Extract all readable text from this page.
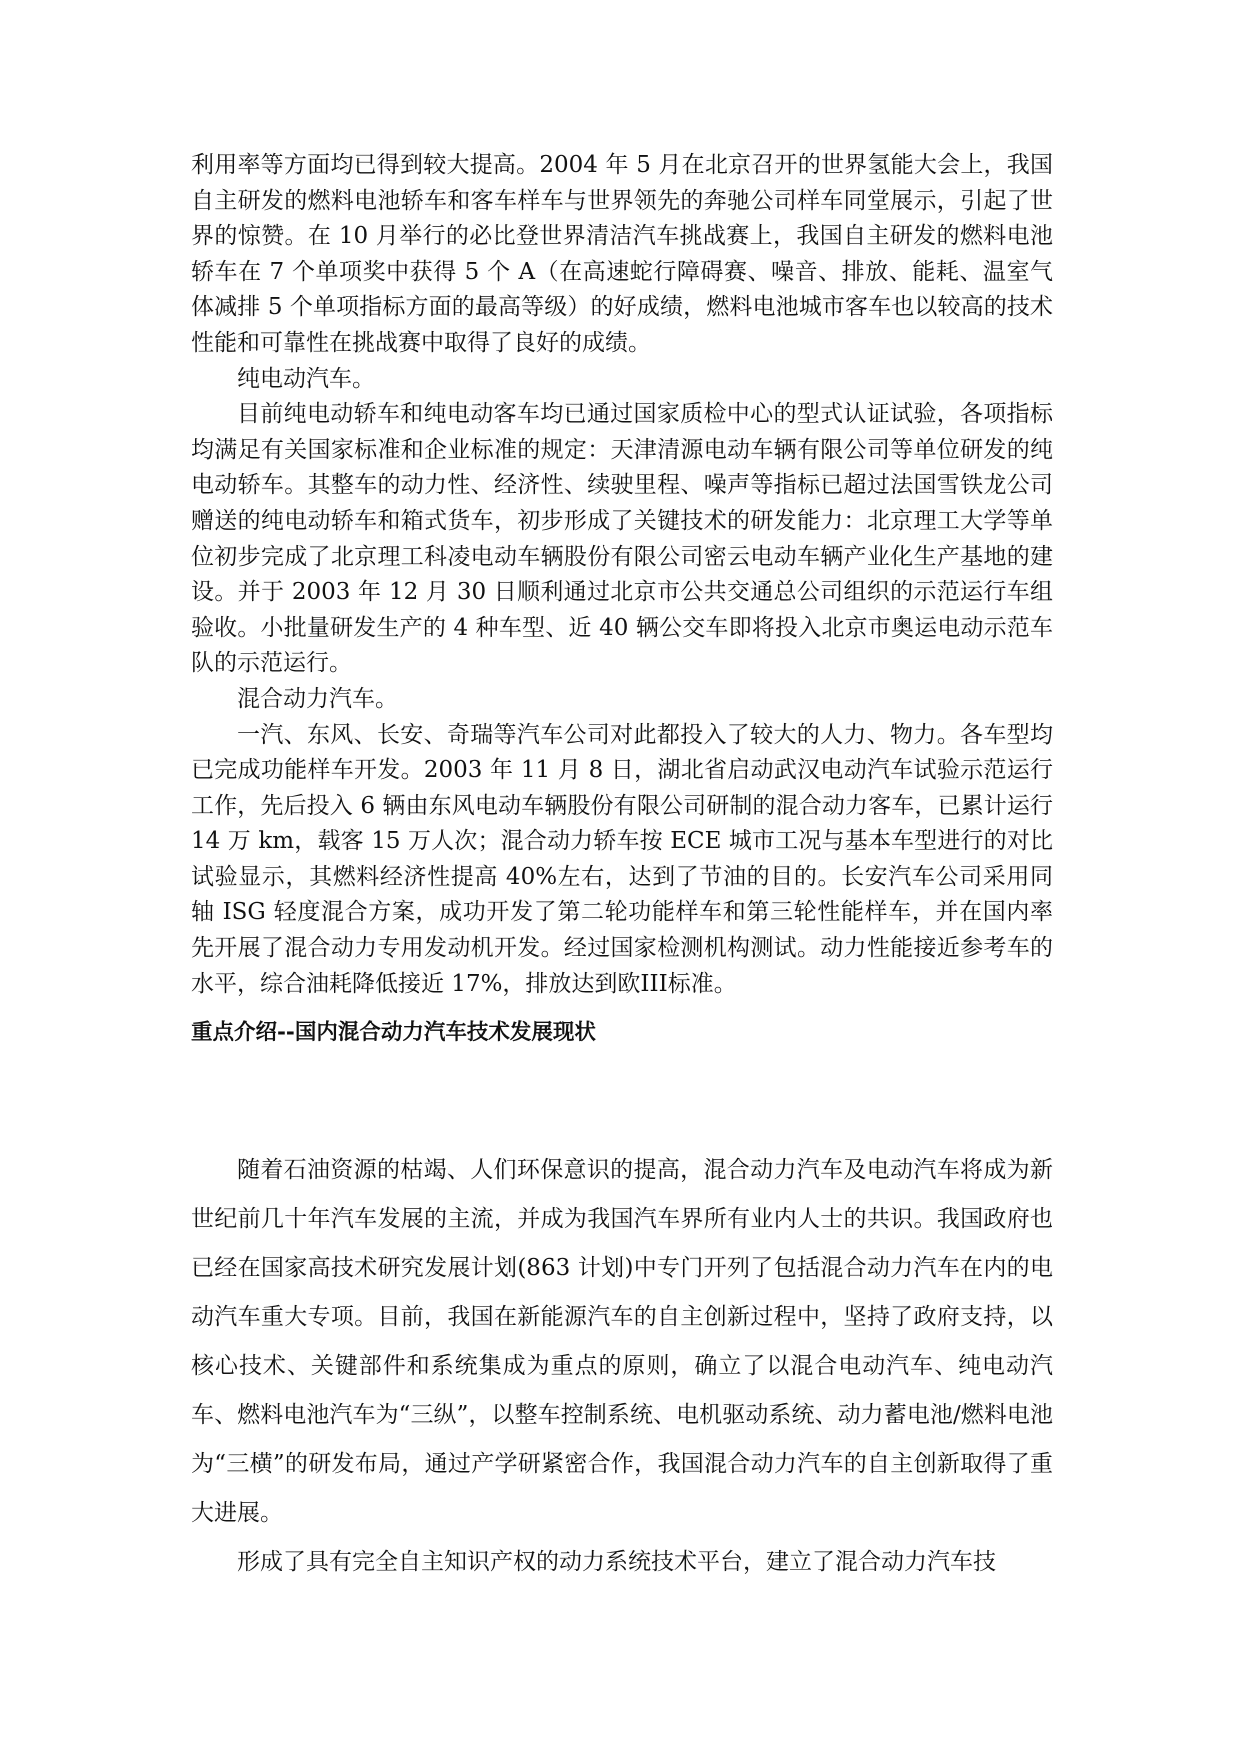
利用率等方面均已得到较大提高。2004 年 5 月在北京召开的世界氢能大会上，我国自主研发的燃料电池轿车和客车样车与世界领先的奔驰公司样车同堂展示，引起了世界的惊赞。在 10 月举行的必比登世界清洁汽车挑战赛上，我国自主研发的燃料电池轿车在 7 个单项奖中获得 5 个 A（在高速蛇行障碍赛、噪音、排放、能耗、温室气体减排 5 个单项指标方面的最高等级）的好成绩，燃料电池城市客车也以较高的技术性能和可靠性在挑战赛中取得了良好的成绩。

纯电动汽车。

目前纯电动轿车和纯电动客车均已通过国家质检中心的型式认证试验，各项指标均满足有关国家标准和企业标准的规定：天津清源电动车辆有限公司等单位研发的纯电动轿车。其整车的动力性、经济性、续驶里程、噪声等指标已超过法国雪铁龙公司赠送的纯电动轿车和箱式货车，初步形成了关键技术的研发能力：北京理工大学等单位初步完成了北京理工科凌电动车辆股份有限公司密云电动车辆产业化生产基地的建设。并于 2003 年 12 月 30 日顺利通过北京市公共交通总公司组织的示范运行车组验收。小批量研发生产的 4 种车型、近 40 辆公交车即将投入北京市奥运电动示范车队的示范运行。

混合动力汽车。

一汽、东风、长安、奇瑞等汽车公司对此都投入了较大的人力、物力。各车型均已完成功能样车开发。2003 年 11 月 8 日，湖北省启动武汉电动汽车试验示范运行工作，先后投入 6 辆由东风电动车辆股份有限公司研制的混合动力客车，已累计运行 14 万 km，载客 15 万人次；混合动力轿车按 ECE 城市工况与基本车型进行的对比试验显示，其燃料经济性提高 40%左右，达到了节油的目的。长安汽车公司采用同轴 ISG 轻度混合方案，成功开发了第二轮功能样车和第三轮性能样车，并在国内率先开展了混合动力专用发动机开发。经过国家检测机构测试。动力性能接近参考车的水平，综合油耗降低接近 17%，排放达到欧III标准。

重点介绍--国内混合动力汽车技术发展现状

随着石油资源的枯竭、人们环保意识的提高，混合动力汽车及电动汽车将成为新世纪前几十年汽车发展的主流，并成为我国汽车界所有业内人士的共识。我国政府也已经在国家高技术研究发展计划(863 计划)中专门开列了包括混合动力汽车在内的电动汽车重大专项。目前，我国在新能源汽车的自主创新过程中，坚持了政府支持，以核心技术、关键部件和系统集成为重点的原则，确立了以混合电动汽车、纯电动汽车、燃料电池汽车为“三纵”，以整车控制系统、电机驱动系统、动力蓄电池/燃料电池为“三横”的研发布局，通过产学研紧密合作，我国混合动力汽车的自主创新取得了重大进展。

形成了具有完全自主知识产权的动力系统技术平台，建立了混合动力汽车技
